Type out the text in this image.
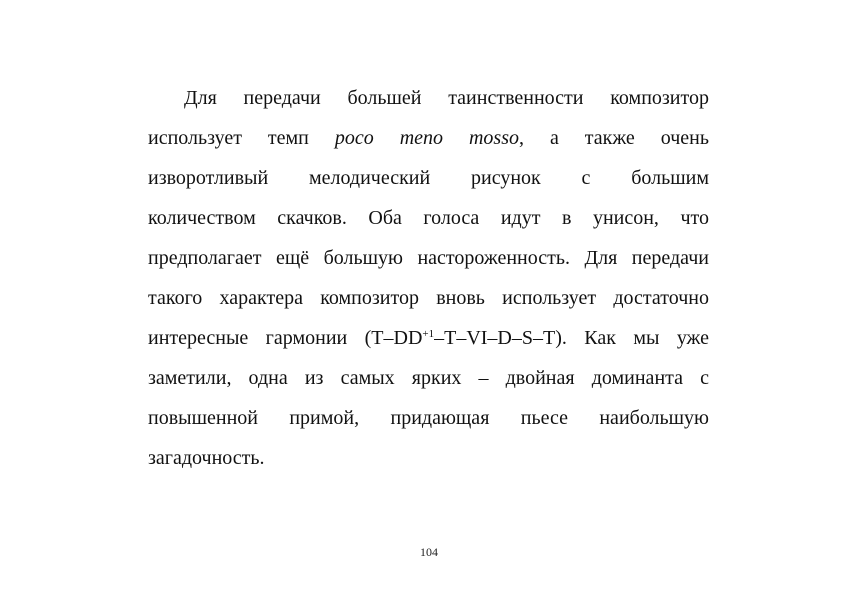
Для передачи большей таинственности композитор
использует темп poco meno mosso, а также очень
изворотливый мелодический рисунок с большим
количеством скачков. Оба голоса идут в унисон, что
предполагает ещё большую настороженность. Для передачи
такого характера композитор вновь использует достаточно
интересные гармонии $(T-DD^{+1}-T-VI-D-S-T)$. Как мы уже
заметили, одна из самых ярких – двойная доминанта с
повышенной примой, придающая пьесе наибольшую
загадочность.
104
